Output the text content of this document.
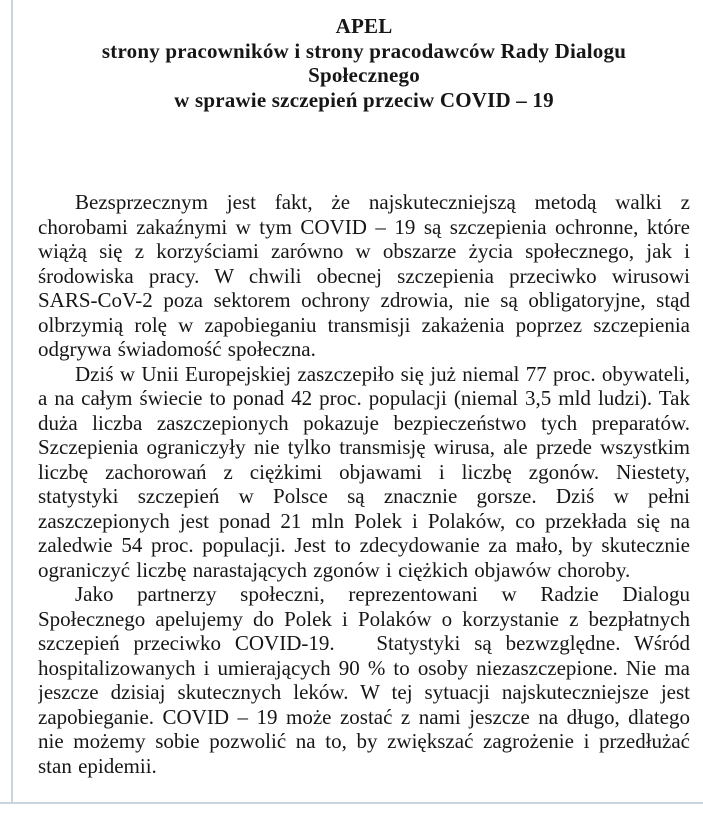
APEL
strony pracowników i strony pracodawców Rady Dialogu
Społecznego
w sprawie szczepień przeciw COVID – 19

Bezsprzecznym jest fakt, że najskuteczniejszą metodą walki z chorobami zakaźnymi w tym COVID – 19 są szczepienia ochronne, które wiążą się z korzyściami zarówno w obszarze życia społecznego, jak i środowiska pracy. W chwili obecnej szczepienia przeciwko wirusowi SARS-CoV-2 poza sektorem ochrony zdrowia, nie są obligatoryjne, stąd olbrzymią rolę w zapobieganiu transmisji zakażenia poprzez szczepienia odgrywa świadomość społeczna.

Dziś w Unii Europejskiej zaszczepiło się już niemal 77 proc. obywateli, a na całym świecie to ponad 42 proc. populacji (niemal 3,5 mld ludzi). Tak duża liczba zaszczepionych pokazuje bezpieczeństwo tych preparatów. Szczepienia ograniczyły nie tylko transmisję wirusa, ale przede wszystkim liczbę zachorowań z ciężkimi objawami i liczbę zgonów. Niestety, statystyki szczepień w Polsce są znacznie gorsze. Dziś w pełni zaszczepionych jest ponad 21 mln Polek i Polaków, co przekłada się na zaledwie 54 proc. populacji. Jest to zdecydowanie za mało, by skutecznie ograniczyć liczbę narastających zgonów i ciężkich objawów choroby.

Jako partnerzy społeczni, reprezentowani w Radzie Dialogu Społecznego apelujemy do Polek i Polaków o korzystanie z bezpłatnych szczepień przeciwko COVID-19.   Statystyki są bezwzględne. Wśród hospitalizowanych i umierających 90 % to osoby niezaszczepione. Nie ma jeszcze dzisiaj skutecznych leków. W tej sytuacji najskuteczniejsze jest zapobieganie. COVID – 19 może zostać z nami jeszcze na długo, dlatego nie możemy sobie pozwolić na to, by zwiększać zagrożenie i przedłużać stan epidemii.
